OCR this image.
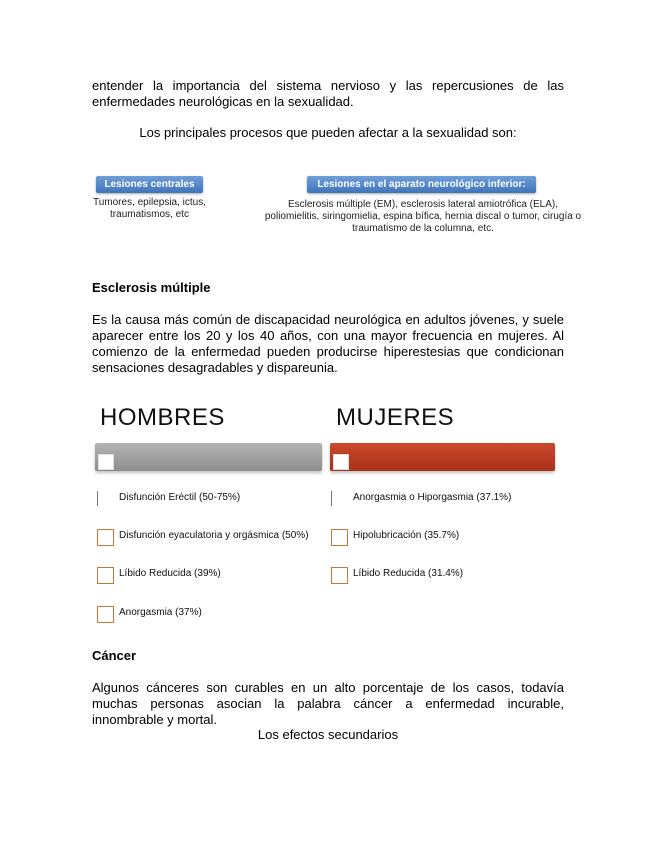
entender la importancia del sistema nervioso y las repercusiones de las enfermedades neurológicas en la sexualidad.
Los principales procesos que pueden afectar a la sexualidad son:
Lesiones centrales
Tumores, epilepsia, ictus, traumatismos, etc
Lesiones en el aparato neurológico inferior:
Esclerosis múltiple (EM), esclerosis lateral amiotrófica (ELA), poliomielitis, siringomielia, espina bífica, hernia discal o tumor, cirugía o traumatismo de la columna, etc.
Esclerosis múltiple
Es la causa más común de discapacidad neurológica en adultos jóvenes, y suele aparecer entre los 20 y los 40 años, con una mayor frecuencia en mujeres. Al comienzo de la enfermedad pueden producirse hiperestesias que condicionan sensaciones desagradables y dispareunia.
HOMBRES	MUJERES
Disfunción Eréctil (50-75%)
Disfunción eyaculatoria y orgásmica (50%)
Líbido Reducida (39%)
Anorgasmia (37%)
Anorgasmia o Hiporgasmia (37.1%)
Hipolubricación (35.7%)
Líbido Reducida (31.4%)
Cáncer
Algunos cánceres son curables en un alto porcentaje de los casos, todavía muchas personas asocian la palabra cáncer a enfermedad incurable, innombrable y mortal.
Los efectos secundarios
